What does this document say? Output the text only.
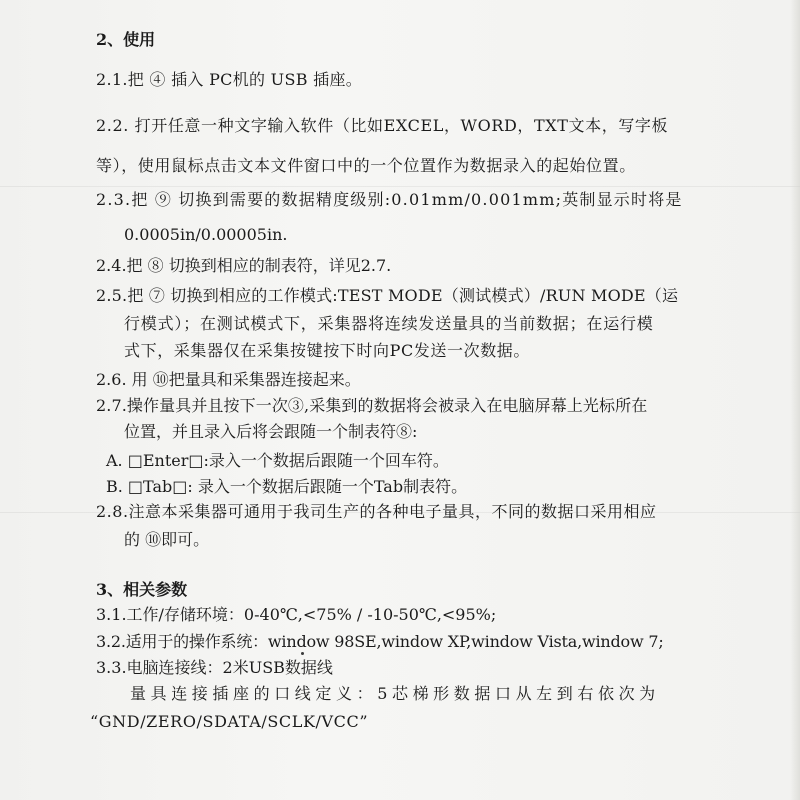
2、使用
2.1.把 ④ 插入 PC机的 USB 插座。
2.2. 打开任意一种文字输入软件（比如EXCEL，WORD，TXT文本，写字板
等），使用鼠标点击文本文件窗口中的一个位置作为数据录入的起始位置。
2.3.把 ⑨ 切换到需要的数据精度级别:0.01mm/0.001mm;英制显示时将是
0.0005in/0.00005in.
2.4.把 ⑧ 切换到相应的制表符，详见2.7.
2.5.把 ⑦ 切换到相应的工作模式:TEST MODE（测试模式）/RUN MODE（运
行模式）；在测试模式下，采集器将连续发送量具的当前数据；在运行模
式下，采集器仅在采集按键按下时向PC发送一次数据。
2.6. 用 ⑩把量具和采集器连接起来。
2.7.操作量具并且按下一次③,采集到的数据将会被录入在电脑屏幕上光标所在
位置，并且录入后将会跟随一个制表符⑧:
A. □Enter□:录入一个数据后跟随一个回车符。
B. □Tab□: 录入一个数据后跟随一个Tab制表符。
2.8.注意本采集器可通用于我司生产的各种电子量具，不同的数据口采用相应
的 ⑩即可。
3、相关参数
3.1.工作/存储环境：0-40℃,<75% / -10-50℃,<95%;
3.2.适用于的操作系统：window 98SE,window XP,window Vista,window 7;
3.3.电脑连接线：2米USB数据线
量具连接插座的口线定义：5芯梯形数据口从左到右依次为
“GND/ZERO/SDATA/SCLK/VCC”
